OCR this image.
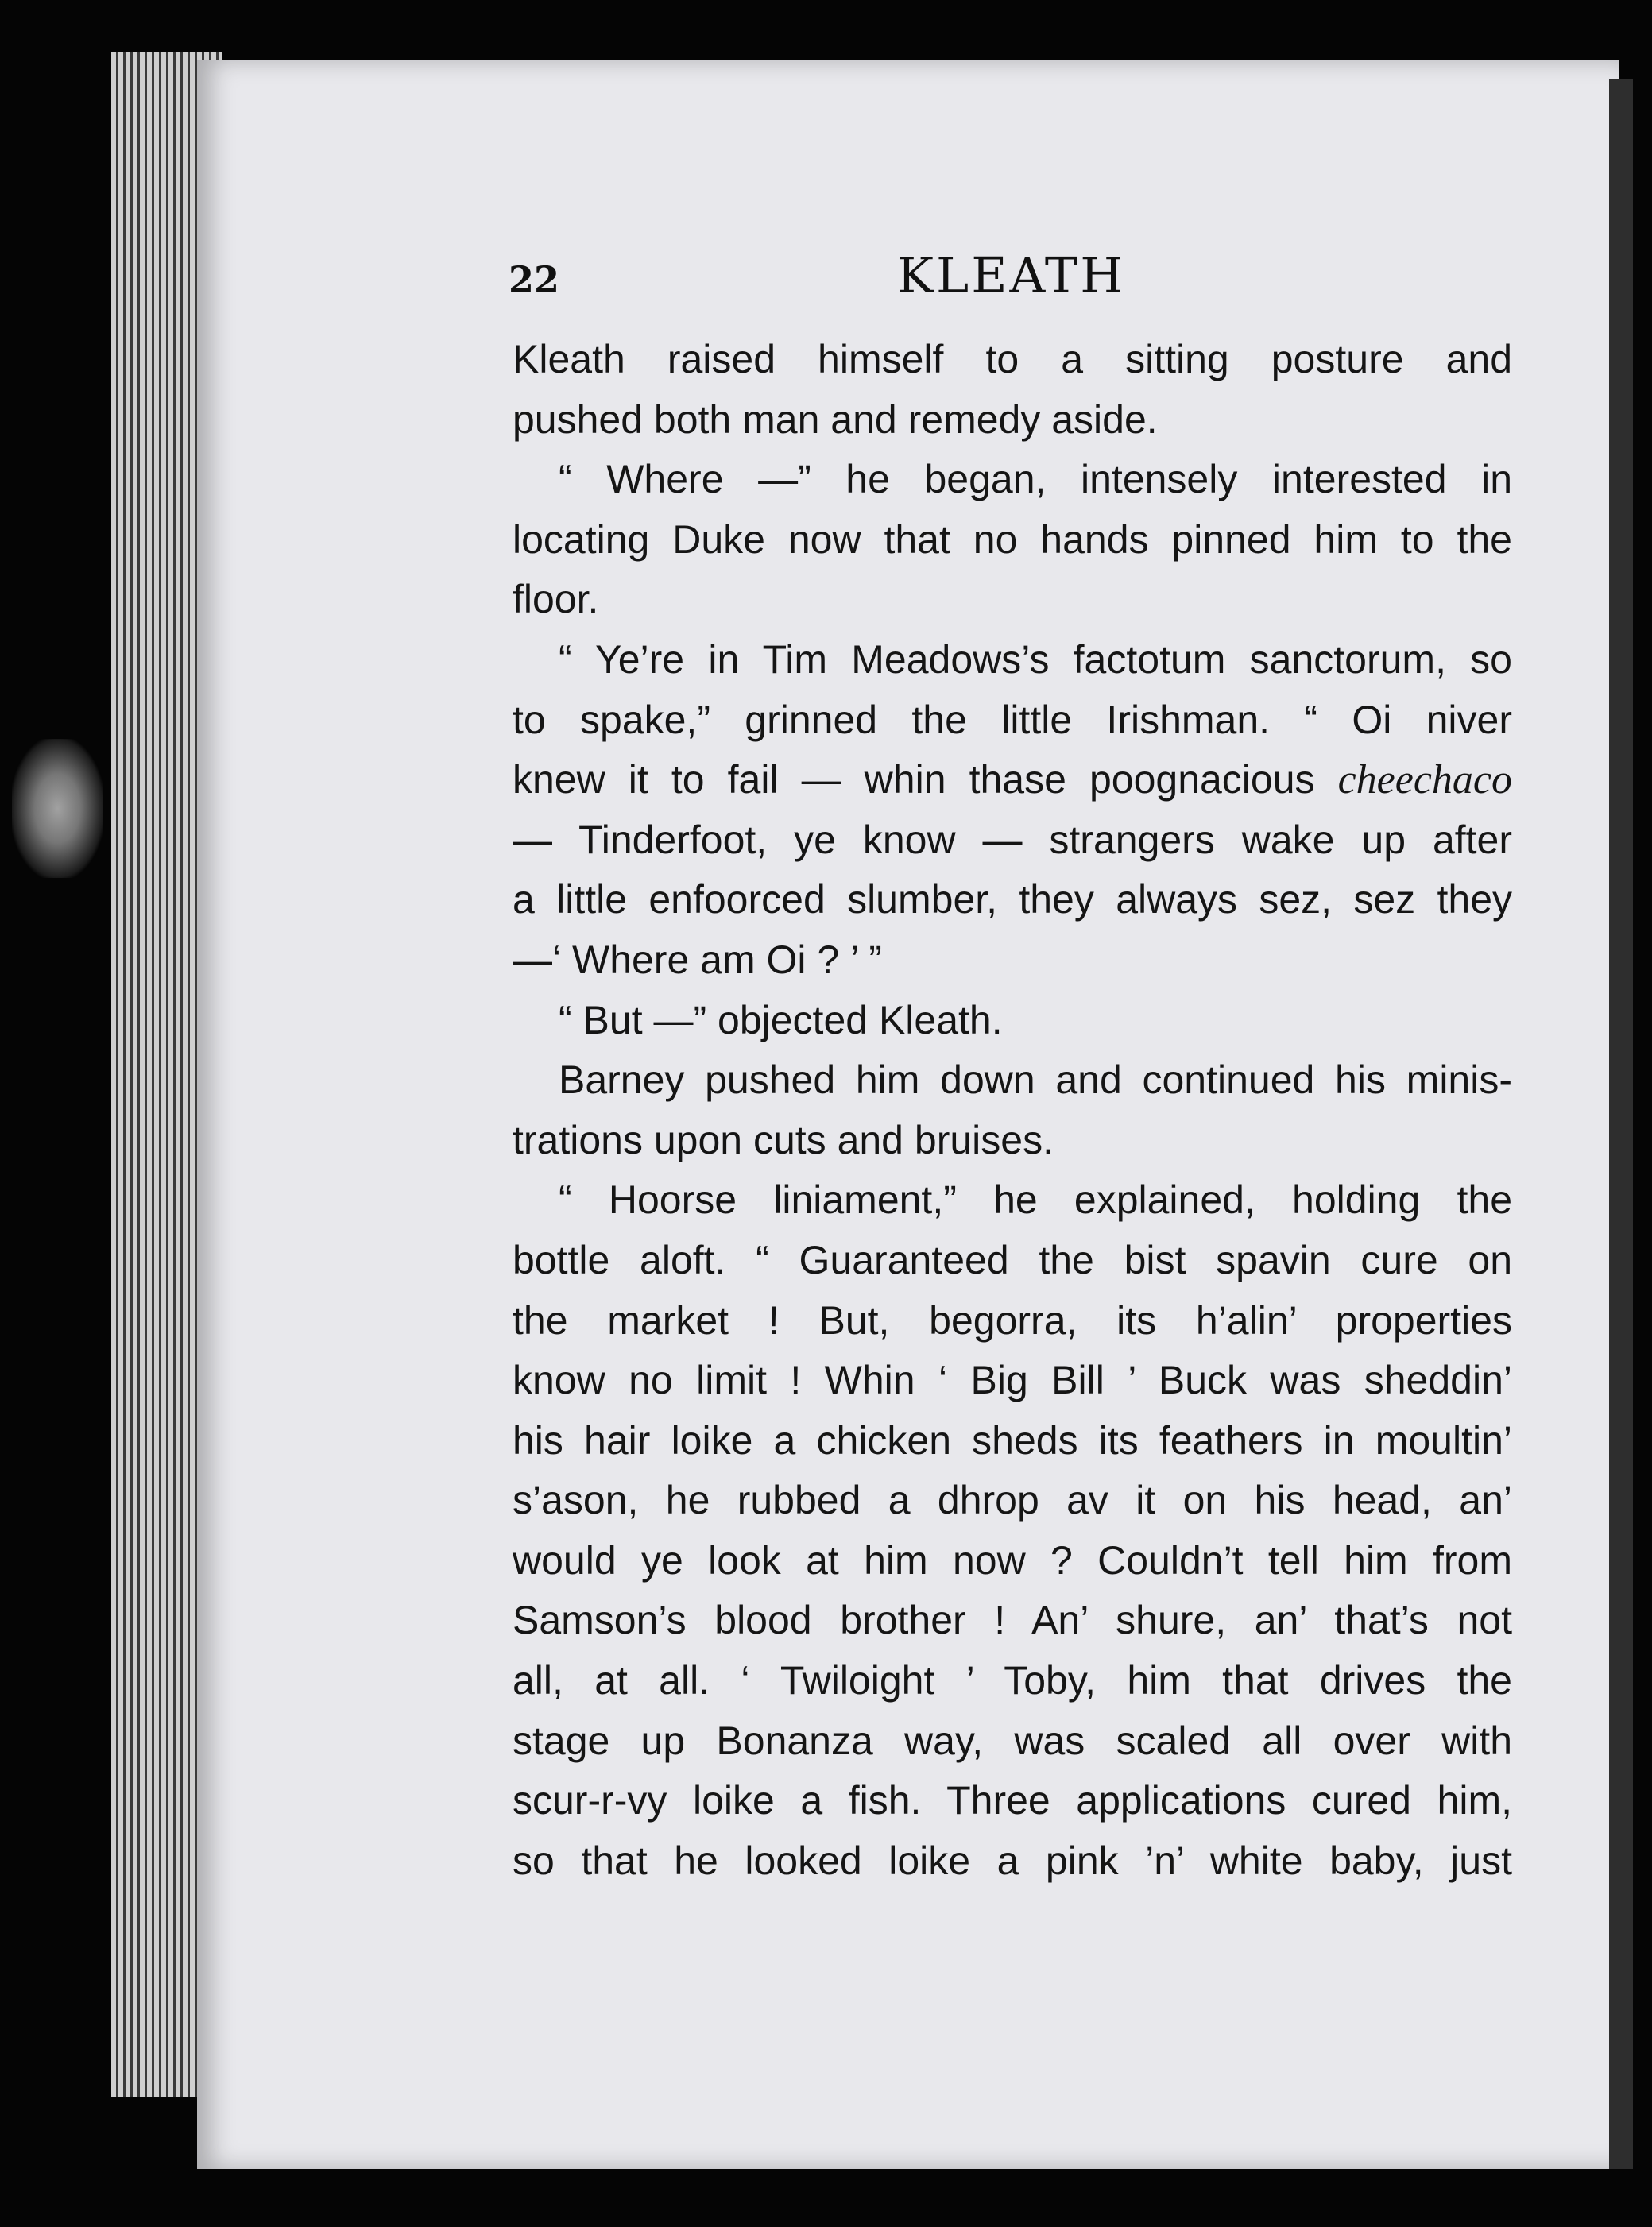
22	KLEATH
Kleath raised himself to a sitting posture and
pushed both man and remedy aside.
“ Where —” he began, intensely interested in
locating Duke now that no hands pinned him to the
floor.
“ Ye’re in Tim Meadows’s factotum sanctorum, so
to spake,” grinned the little Irishman. “ Oi niver
knew it to fail — whin thase poognacious cheechaco
— Tinderfoot, ye know — strangers wake up after
a little enfoorced slumber, they always sez, sez they
—‘ Where am Oi ? ’ ”
“ But —” objected Kleath.
Barney pushed him down and continued his minis-
trations upon cuts and bruises.
“ Hoorse liniament,” he explained, holding the
bottle aloft. “ Guaranteed the bist spavin cure on
the market ! But, begorra, its h’alin’ properties
know no limit ! Whin ‘ Big Bill ’ Buck was sheddin’
his hair loike a chicken sheds its feathers in moultin’
s’ason, he rubbed a dhrop av it on his head, an’
would ye look at him now ? Couldn’t tell him from
Samson’s blood brother ! An’ shure, an’ that’s not
all, at all. ‘ Twiloight ’ Toby, him that drives the
stage up Bonanza way, was scaled all over with
scur-r-vy loike a fish. Three applications cured him,
so that he looked loike a pink ’n’ white baby, just
